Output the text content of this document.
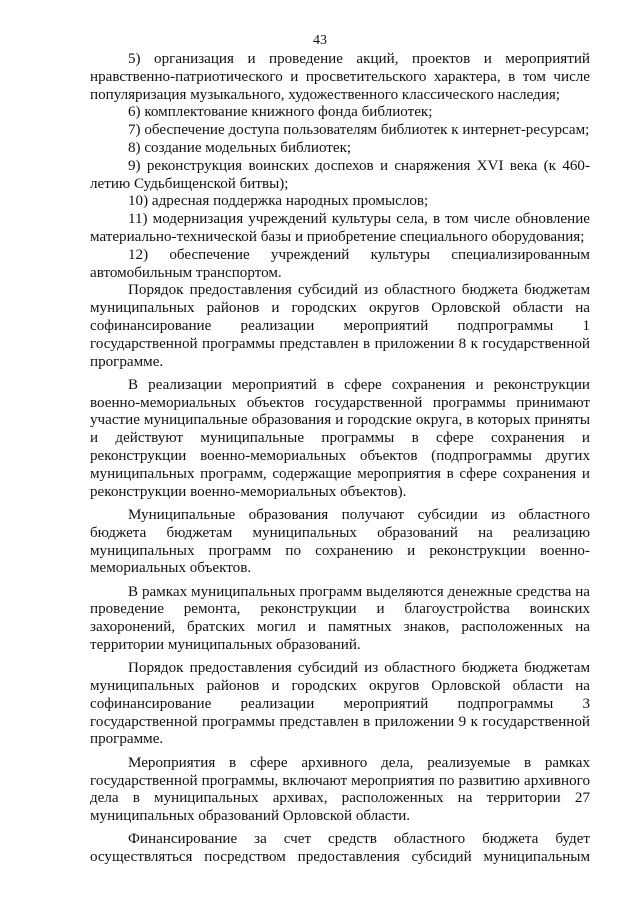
43

5) организация и проведение акций, проектов и мероприятий нравственно-патриотического и просветительского характера, в том числе популяризация музыкального, художественного классического наследия;

6) комплектование книжного фонда библиотек;

7) обеспечение доступа пользователям библиотек к интернет-ресурсам;

8) создание модельных библиотек;

9) реконструкция воинских доспехов и снаряжения XVI века (к 460-летию Судьбищенской битвы);

10) адресная поддержка народных промыслов;

11) модернизация учреждений культуры села, в том числе обновление материально-технической базы и приобретение специального оборудования;

12) обеспечение учреждений культуры специализированным автомобильным транспортом.

Порядок предоставления субсидий из областного бюджета бюджетам муниципальных районов и городских округов Орловской области на софинансирование реализации мероприятий подпрограммы 1 государственной программы представлен в приложении 8 к государственной программе.

В реализации мероприятий в сфере сохранения и реконструкции военно-мемориальных объектов государственной программы принимают участие муниципальные образования и городские округа, в которых приняты и действуют муниципальные программы в сфере сохранения и реконструкции военно-мемориальных объектов (подпрограммы других муниципальных программ, содержащие мероприятия в сфере сохранения и реконструкции военно-мемориальных объектов).

Муниципальные образования получают субсидии из областного бюджета бюджетам муниципальных образований на реализацию муниципальных программ по сохранению и реконструкции военно-мемориальных объектов.

В рамках муниципальных программ выделяются денежные средства на проведение ремонта, реконструкции и благоустройства воинских захоронений, братских могил и памятных знаков, расположенных на территории муниципальных образований.

Порядок предоставления субсидий из областного бюджета бюджетам муниципальных районов и городских округов Орловской области на софинансирование реализации мероприятий подпрограммы 3 государственной программы представлен в приложении 9 к государственной программе.

Мероприятия в сфере архивного дела, реализуемые в рамках государственной программы, включают мероприятия по развитию архивного дела в муниципальных архивах, расположенных на территории 27 муниципальных образований Орловской области.

Финансирование за счет средств областного бюджета будет осуществляться посредством предоставления субсидий муниципальным
